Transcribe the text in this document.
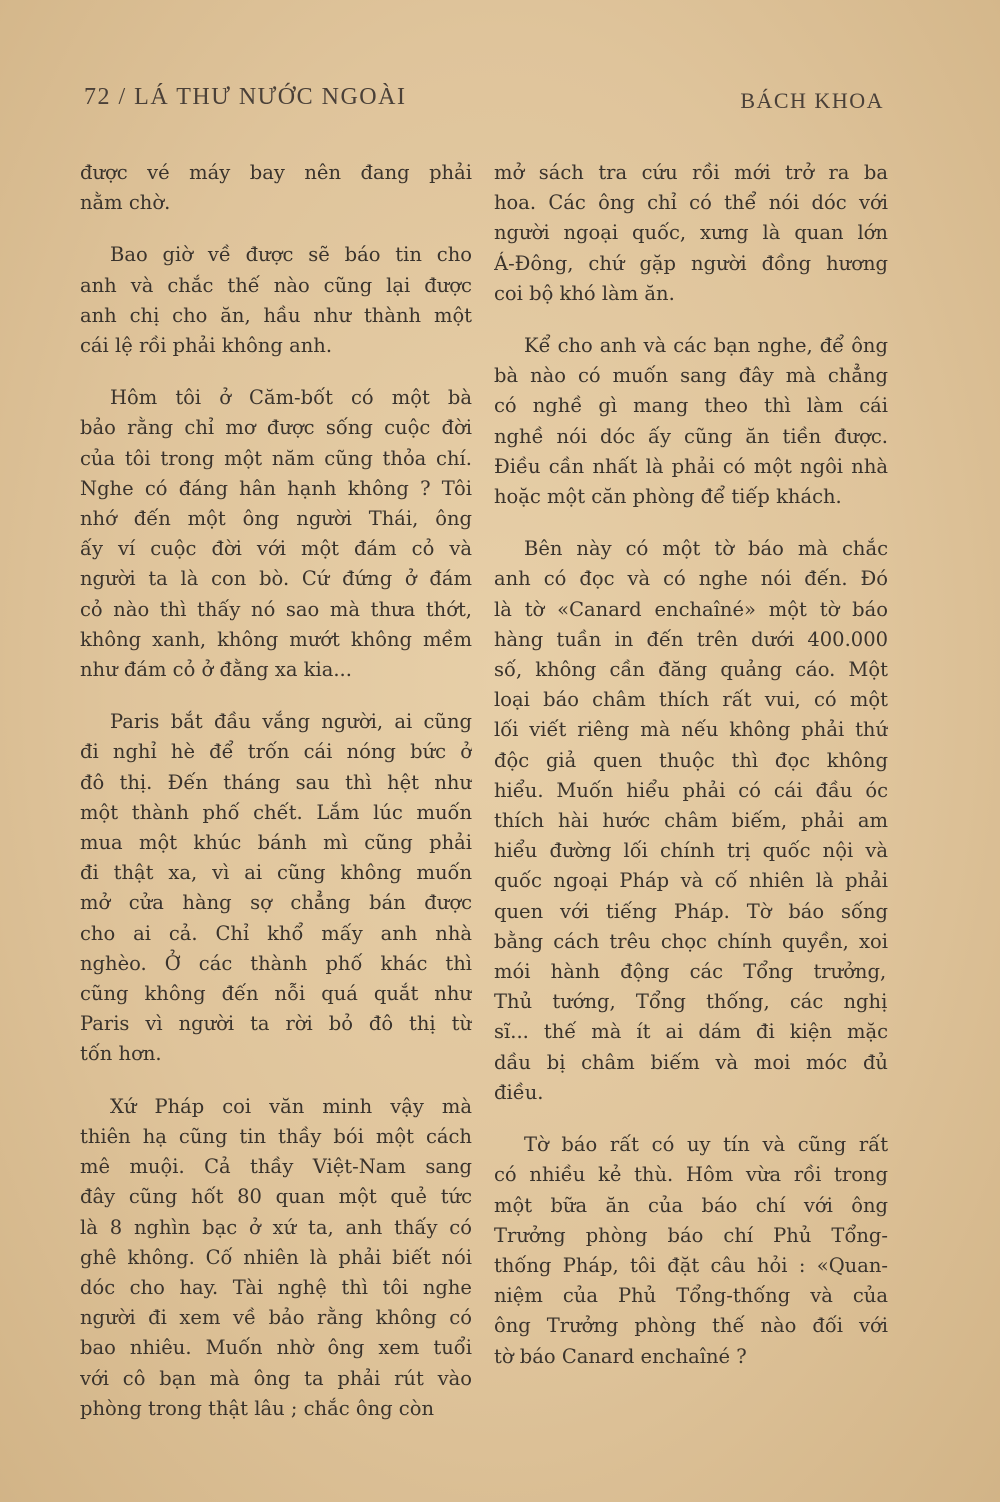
72 / LÁ THƯ NƯỚC NGOÀI	BÁCH KHOA
được vé máy bay nên đang phải
nằm chờ.
Bao giờ về được sẽ báo tin cho
anh và chắc thế nào cũng lại được
anh chị cho ăn, hầu như thành một
cái lệ rồi phải không anh.
Hôm tôi ở Căm-bốt có một bà
bảo rằng chỉ mơ được sống cuộc đời
của tôi trong một năm cũng thỏa chí.
Nghe có đáng hân hạnh không ? Tôi
nhớ đến một ông người Thái, ông
ấy ví cuộc đời với một đám cỏ và
người ta là con bò. Cứ đứng ở đám
cỏ nào thì thấy nó sao mà thưa thớt,
không xanh, không mướt không mềm
như đám cỏ ở đằng xa kia...
Paris bắt đầu vắng người, ai cũng
đi nghỉ hè để trốn cái nóng bức ở
đô thị. Đến tháng sau thì hệt như
một thành phố chết. Lắm lúc muốn
mua một khúc bánh mì cũng phải
đi thật xa, vì ai cũng không muốn
mở cửa hàng sợ chẳng bán được
cho ai cả. Chỉ khổ mấy anh nhà
nghèo. Ở các thành phố khác thì
cũng không đến nỗi quá quắt như
Paris vì người ta rời bỏ đô thị từ
tốn hơn.
Xứ Pháp coi văn minh vậy mà
thiên hạ cũng tin thầy bói một cách
mê muội. Cả thầy Việt-Nam sang
đây cũng hốt 80 quan một quẻ tức
là 8 nghìn bạc ở xứ ta, anh thấy có
ghê không. Cố nhiên là phải biết nói
dóc cho hay. Tài nghệ thì tôi nghe
người đi xem về bảo rằng không có
bao nhiêu. Muốn nhờ ông xem tuổi
với cô bạn mà ông ta phải rút vào
phòng trong thật lâu ; chắc ông còn
mở sách tra cứu rồi mới trở ra ba
hoa. Các ông chỉ có thể nói dóc với
người ngoại quốc, xưng là quan lớn
Á-Đông, chứ gặp người đồng hương
coi bộ khó làm ăn.
Kể cho anh và các bạn nghe, để ông
bà nào có muốn sang đây mà chẳng
có nghề gì mang theo thì làm cái
nghề nói dóc ấy cũng ăn tiền được.
Điều cần nhất là phải có một ngôi nhà
hoặc một căn phòng để tiếp khách.
Bên này có một tờ báo mà chắc
anh có đọc và có nghe nói đến. Đó
là tờ «Canard enchaîné» một tờ báo
hàng tuần in đến trên dưới 400.000
số, không cần đăng quảng cáo. Một
loại báo châm thích rất vui, có một
lối viết riêng mà nếu không phải thứ
độc giả quen thuộc thì đọc không
hiểu. Muốn hiểu phải có cái đầu óc
thích hài hước châm biếm, phải am
hiểu đường lối chính trị quốc nội và
quốc ngoại Pháp và cố nhiên là phải
quen với tiếng Pháp. Tờ báo sống
bằng cách trêu chọc chính quyền, xoi
mói hành động các Tổng trưởng,
Thủ tướng, Tổng thống, các nghị
sĩ... thế mà ít ai dám đi kiện mặc
dầu bị châm biếm và moi móc đủ
điều.
Tờ báo rất có uy tín và cũng rất
có nhiều kẻ thù. Hôm vừa rồi trong
một bữa ăn của báo chí với ông
Trưởng phòng báo chí Phủ Tổng-
thống Pháp, tôi đặt câu hỏi : «Quan-
niệm của Phủ Tổng-thống và của
ông Trưởng phòng thế nào đối với
tờ báo Canard enchaîné ?
